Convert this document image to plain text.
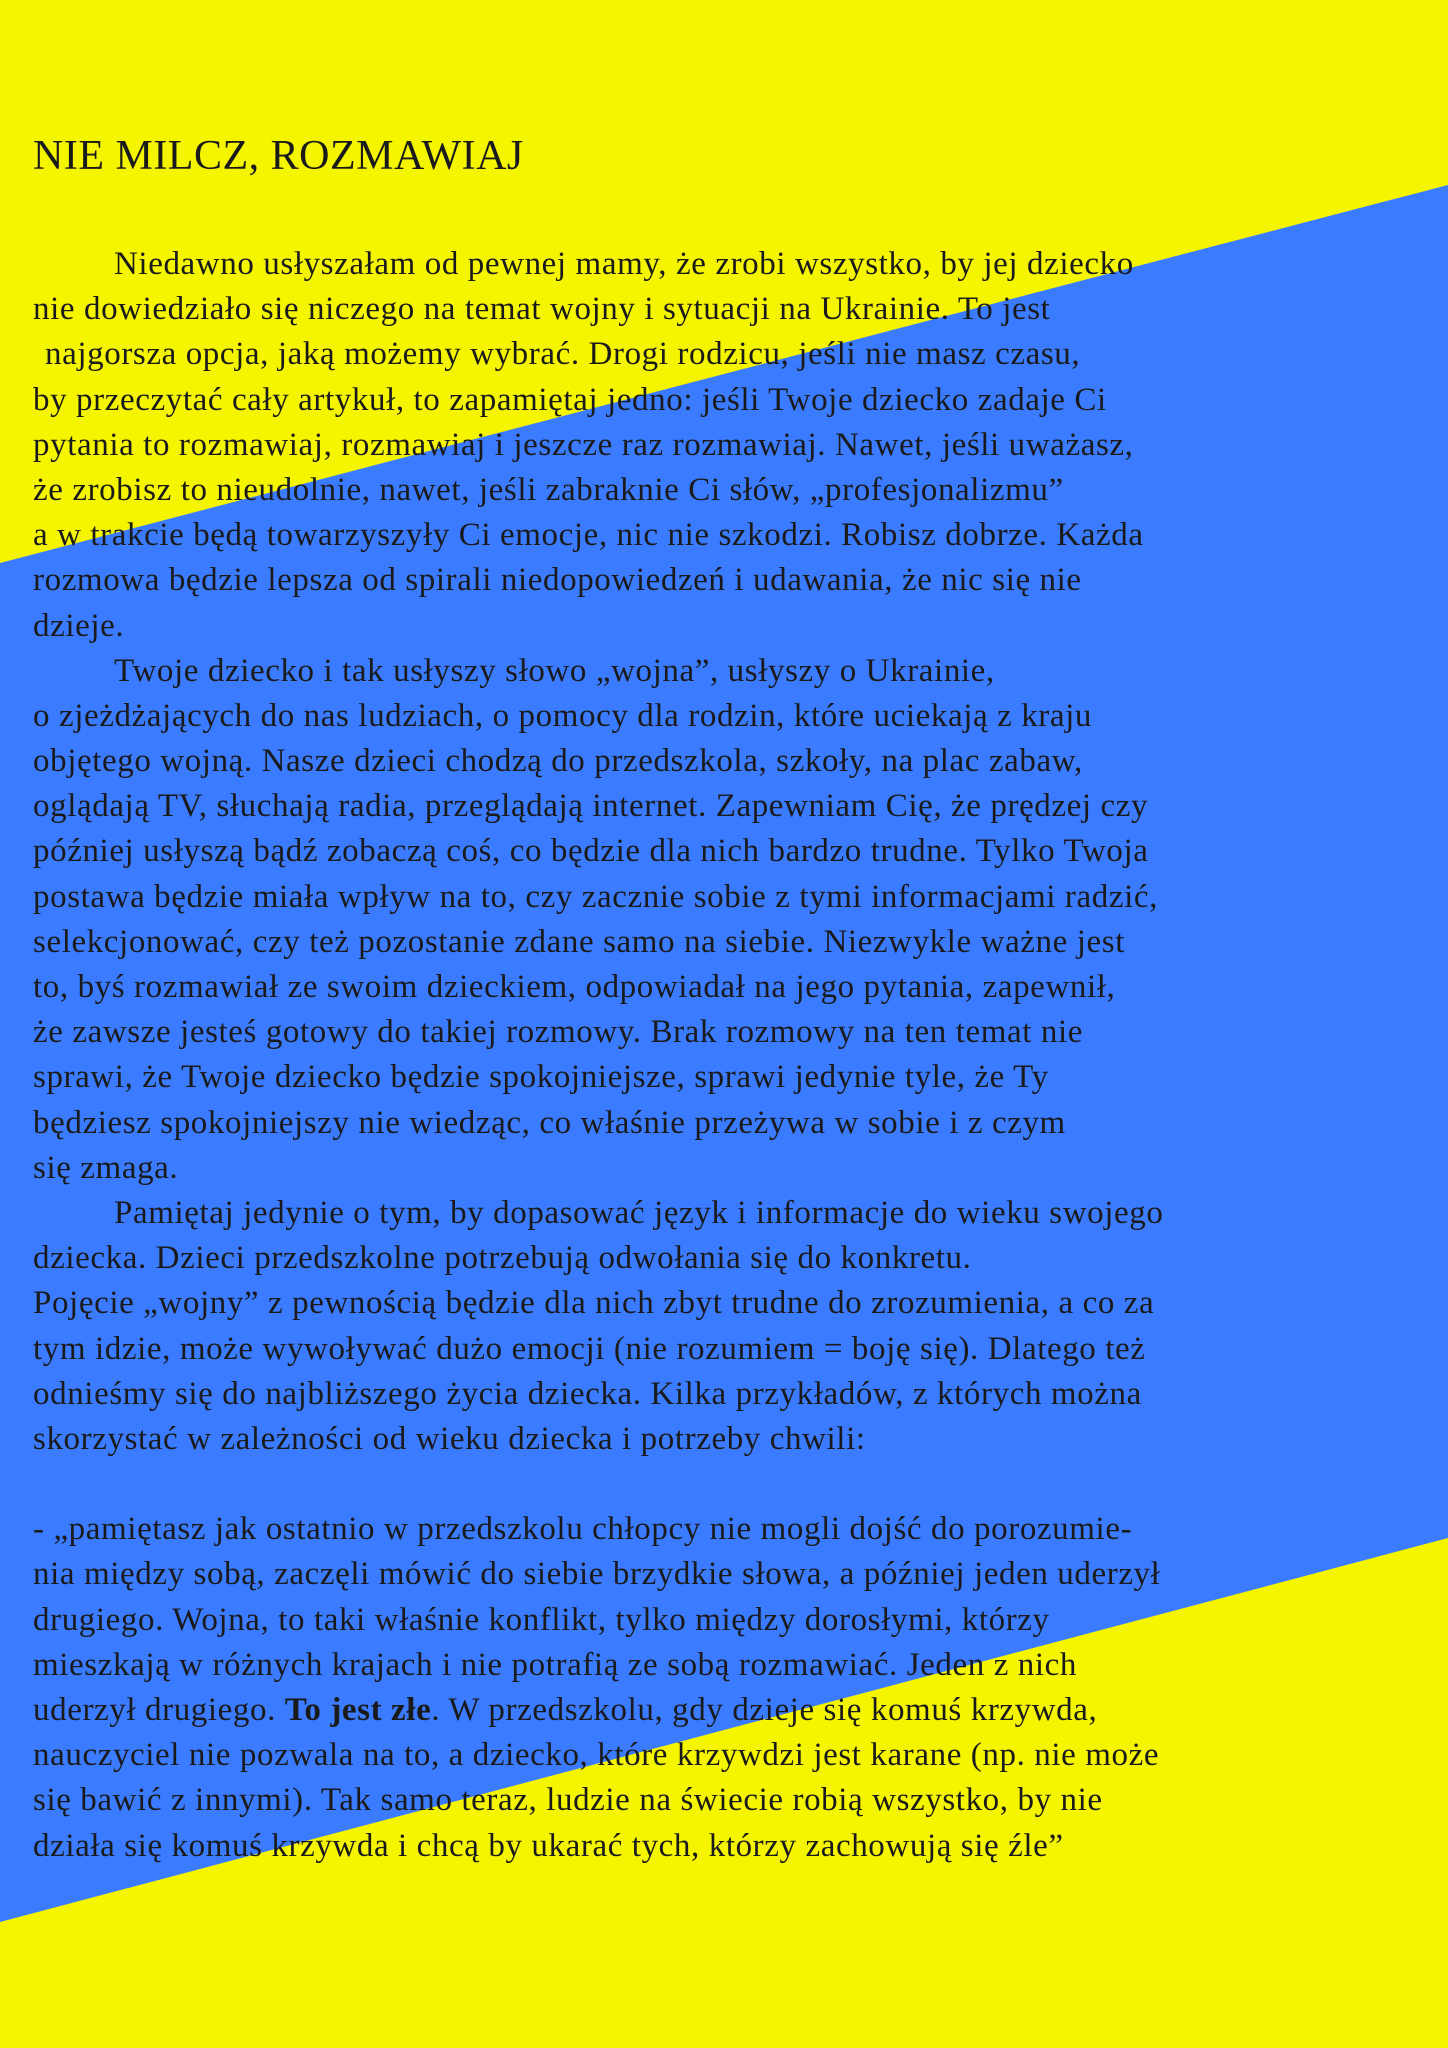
NIE MILCZ, ROZMAWIAJ
Niedawno usłyszałam od pewnej mamy, że zrobi wszystko, by jej dziecko
nie dowiedziało się niczego na temat wojny i sytuacji na Ukrainie. To jest
najgorsza opcja, jaką możemy wybrać. Drogi rodzicu, jeśli nie masz czasu,
by przeczytać cały artykuł, to zapamiętaj jedno: jeśli Twoje dziecko zadaje Ci
pytania to rozmawiaj, rozmawiaj i jeszcze raz rozmawiaj. Nawet, jeśli uważasz,
że zrobisz to nieudolnie, nawet, jeśli zabraknie Ci słów, „profesjonalizmu”
a w trakcie będą towarzyszyły Ci emocje, nic nie szkodzi. Robisz dobrze. Każda
rozmowa będzie lepsza od spirali niedopowiedzeń i udawania, że nic się nie
dzieje.
Twoje dziecko i tak usłyszy słowo „wojna”, usłyszy o Ukrainie,
o zjeżdżających do nas ludziach, o pomocy dla rodzin, które uciekają z kraju
objętego wojną. Nasze dzieci chodzą do przedszkola, szkoły, na plac zabaw,
oglądają TV, słuchają radia, przeglądają internet. Zapewniam Cię, że prędzej czy
później usłyszą bądź zobaczą coś, co będzie dla nich bardzo trudne. Tylko Twoja
postawa będzie miała wpływ na to, czy zacznie sobie z tymi informacjami radzić,
selekcjonować, czy też pozostanie zdane samo na siebie. Niezwykle ważne jest
to, byś rozmawiał ze swoim dzieckiem, odpowiadał na jego pytania, zapewnił,
że zawsze jesteś gotowy do takiej rozmowy. Brak rozmowy na ten temat nie
sprawi, że Twoje dziecko będzie spokojniejsze, sprawi jedynie tyle, że Ty
będziesz spokojniejszy nie wiedząc, co właśnie przeżywa w sobie i z czym
się zmaga.
Pamiętaj jedynie o tym, by dopasować język i informacje do wieku swojego
dziecka. Dzieci przedszkolne potrzebują odwołania się do konkretu.
Pojęcie „wojny” z pewnością będzie dla nich zbyt trudne do zrozumienia, a co za
tym idzie, może wywoływać dużo emocji (nie rozumiem = boję się). Dlatego też
odnieśmy się do najbliższego życia dziecka. Kilka przykładów, z których można
skorzystać w zależności od wieku dziecka i potrzeby chwili:
- „pamiętasz jak ostatnio w przedszkolu chłopcy nie mogli dojść do porozumie-
nia między sobą, zaczęli mówić do siebie brzydkie słowa, a później jeden uderzył
drugiego. Wojna, to taki właśnie konflikt, tylko między dorosłymi, którzy
mieszkają w różnych krajach i nie potrafią ze sobą rozmawiać. Jeden z nich
uderzył drugiego. To jest złe. W przedszkolu, gdy dzieje się komuś krzywda,
nauczyciel nie pozwala na to, a dziecko, które krzywdzi jest karane (np. nie może
się bawić z innymi). Tak samo teraz, ludzie na świecie robią wszystko, by nie
działa się komuś krzywda i chcą by ukarać tych, którzy zachowują się źle”
